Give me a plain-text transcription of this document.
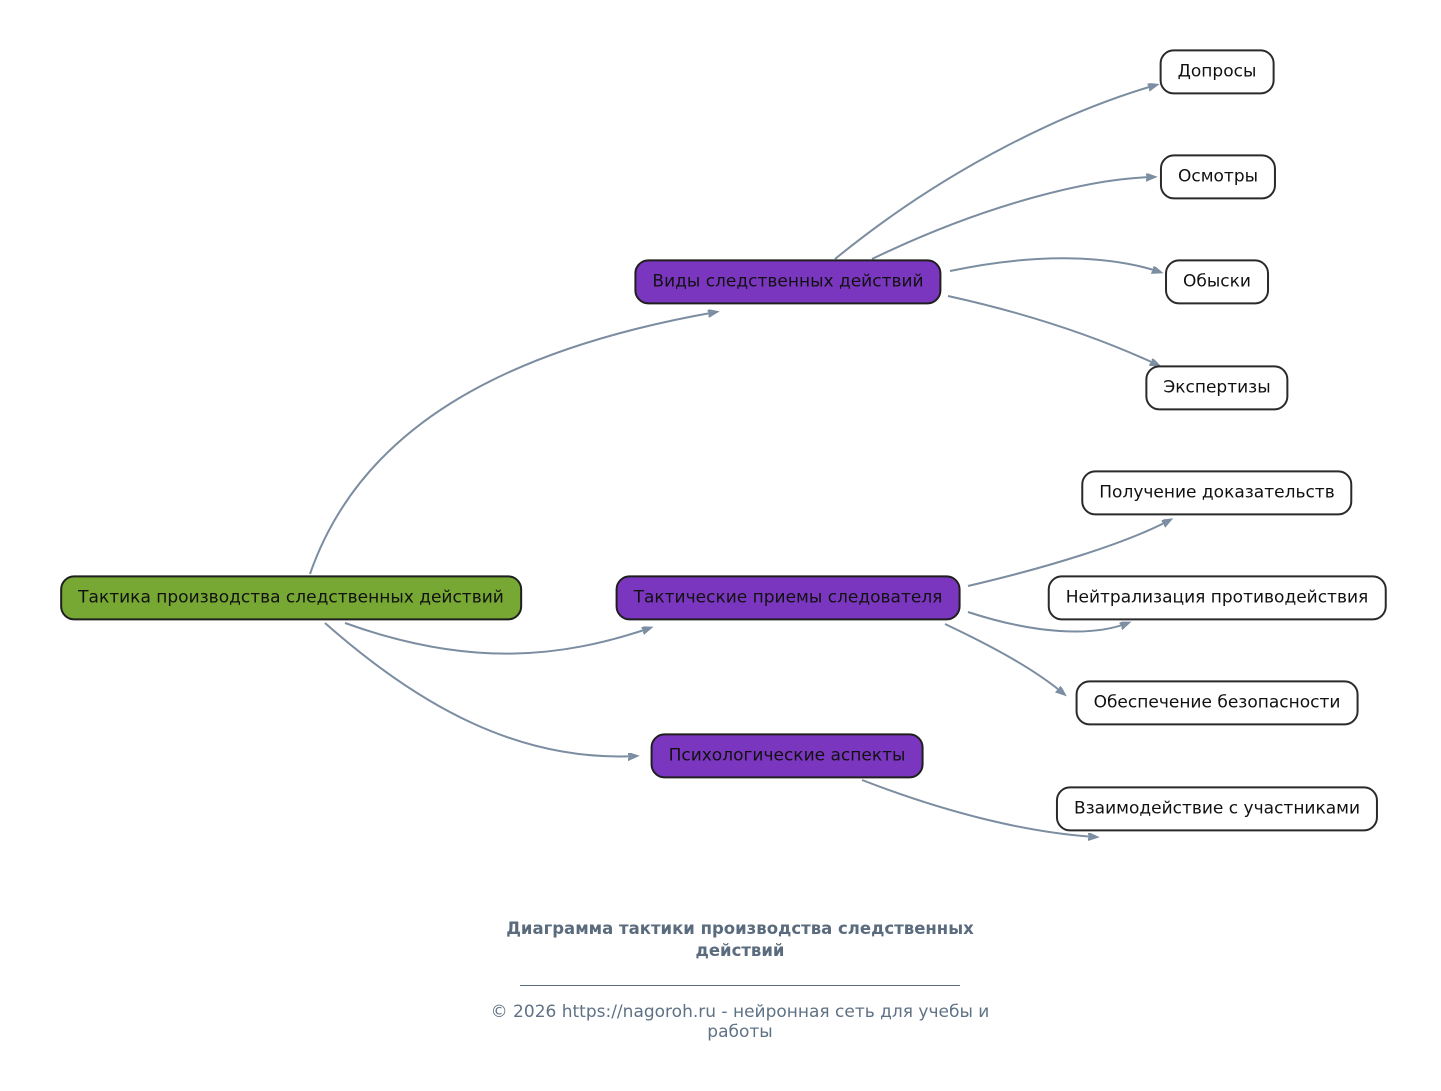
Тактика производства следственных действий
Виды следственных действий
Тактические приемы следователя
Психологические аспекты
Допросы
Осмотры
Обыски
Экспертизы
Получение доказательств
Нейтрализация противодействия
Обеспечение безопасности
Взаимодействие с участниками
Диаграмма тактики производства следственных действий
© 2026 https://nagoroh.ru - нейронная сеть для учебы и работы
